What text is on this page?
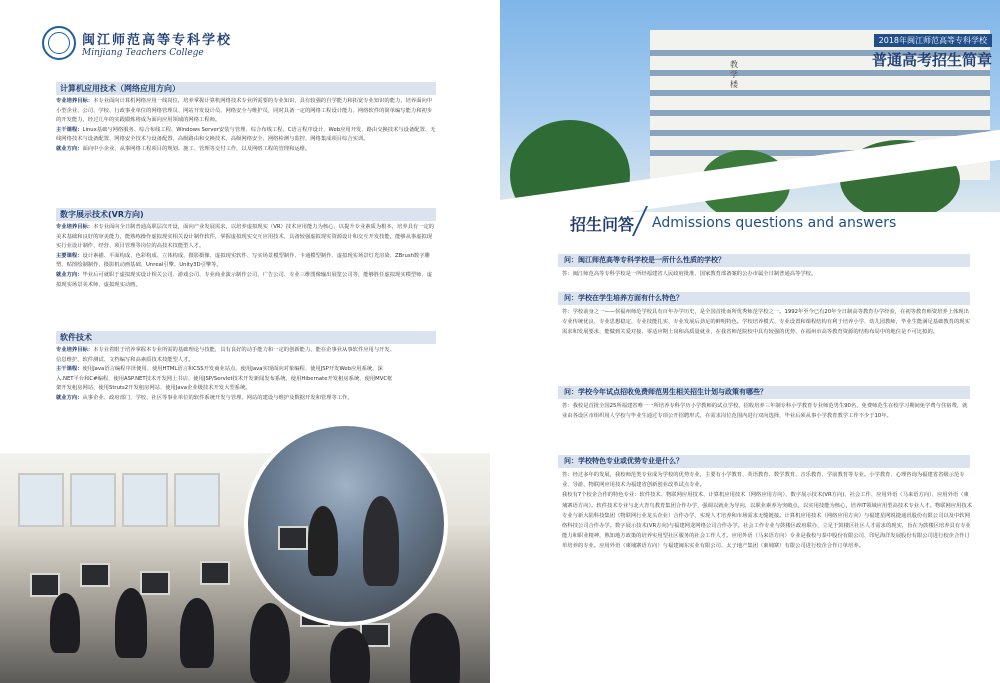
闽江师范高等专科学校
Minjiang Teachers College
计算机应用技术（网络应用方向）

专业培养目标：本专业面向计算机网络应用一线岗位，培养掌握计算机网络技术专业所需要的专业知识，具有较强的自学能力和拓宽专业知识的能力，培养面向中小型企业、公司、学校、行政事业单位的网络管理员、网站开发设计员、网络安全与维护员，同时具备一定的网络工程设计能力、网络软件的简单编写能力和初步的开发能力，经过几年的实践锻炼将成为面向应用领域的网络工程师。

主干课程：Linux基础与网络服务、综合布线工程、Windows Server安装与管理、综合布线工程、C语言程序设计、Web应用开发、路由交换技术与设备配置、无线网络技术与设备配置、网络安全技术与设备配置、高级路由和交换技术、高级网络安全、网络检测与监控、网络集成项目综合实训。

就业方向：面向中小企业，从事网络工程项目的规划、施工、管理等交付工作，以及网络工程的管理和运维。

数字展示技术(VR方向)

专业培养目标：本专业面向全日制普通高职层次开设，面向产业发展需求，以培养虚拟现实（VR）技术应用能力为核心，以提升专业素质为根本，培养具有一定的美术基础和良好的审美能力，能熟练操作虚拟现实相关设计制作软件，掌握虚拟现实交互应用技术，具备较强虚拟现实资源设计和交互开发技能，能够从事虚拟现实行业设计制作、经营、项目管理等岗位的高技术技能型人才。

主要课程：设计素描、平面构成、色彩构成、立体构成、摄影摄像、虚拟现实软件、写实场景模型制作、卡通模型制作、虚拟现实场景灯光渲染、ZBrush数字雕塑、贴图绘制制作、摄影机动画基础、Unreal引擎、Unity3D引擎等。

就业方向：毕业后可就职于虚拟现实设计相关公司、游戏公司、专业商业演示制作公司、广告公司、专业三维图像输出展览公司等，能够胜任虚拟现实模型师、虚拟现实场景美术师、虚拟现实动画。

软件技术

专业培养目标：本专业着眼于培养掌握本专业所需的基础理论与技能，具有良好的动手能力和一定的创新能力，能在企事业从事软件应用与开发、信息维护、软件测试、文档编写和高素质技术技能型人才。

主干课程：使用Java语言编程序泽便用、使用HTML语言和CSS开发商业站点、使用Java实现面向对象编程、使用JSP开发Web应用系统、深入.NET平台和C#编程、使用ASP.NET技术开发网上书店、使用JSP/Servlet技术开发新闻发布系统、使用Hibernate开发租房系统、使用MVC框架开发租房网站、使用Struts2开发租房网站、使用Java企业级技术开发大型系统。

就业方向：从事企业、政府部门、学校、社区等事业单位的软件系统开发与管理、网站的建设与维护及数据开发和管理等工作。

教学楼
2018年闽江师范高等专科学校
普通高考招生简章
招生问答 Admissions questions and answers
问：闽江师范高等专科学校是一所什么性质的学校？

答：闽江师范高等专科学校是一所经福建省人民政府批准、国家教育部备案的公办市属全日制普通高等学校。

问：学校在学生培养方面有什么特色？

答：学校前身之一——侯福州师范学校具有百年办学历史，是全国首批而所优秀师范学校之一。1992年至今已有20年全日制高等教育办学经验，在初等教育师资培养上体现出专业传统优良、专业思想稳定、专业技能扎实、专业发展后劲足的鲜明特色。学校培养模式、专业设置和课程结构有利于培养小学、幼儿园教师，毕业生能满足基础教育的现实需求和发展要求，能做到关爱对接、零适应期上岗和高质量就业，在我省师范院校中具有较强的优势，在福州市高等教育资源的结构布局中的地位是不可比拟的。

问：学校今年试点招收免费师范男生相关招生计划与政策有哪些？

答：我校是首批全国25所福建省唯一一所培养专科学历小学教师的试点学校，招收培养三年制专科小学教育专业师范男生90名，免费师范生在校学习期间免学费与住宿费，就业由各设区市组织用人学校与毕业生通过专项公开招聘形式，在需求岗位范围内进行双向选择，毕业后须从事小学教育教学工作不少于10年。

问：学校特色专业或优势专业是什么？

答：经过多年的发展，我校师范类专业成为学校的优势专业，主要有小学教育、英语教育、数学教育、音乐教育、学前教育等专业。小学教育、心理咨询为福建省省级示范专业、导游、物联网应用技术为福建省创新创业改革试点专业。

我校有7个校企合作的特色专业：软件技术、物联网应用技术、计算机应用技术（网络应用方向）、数字展示技术(VR方向)、社会工作、应用外语（马来语方向）、应用外语（柬埔寨语方向）。软件技术专业与北大青鸟教育集团合作办学，强调以就业为导向，以职业素养为突破点，以实用技能为核心，培养IT领域应用型高技术专业人才。物联网应用技术专业与新大陆科技集团（物联网行业龙头企业）合作办学，实现人才培养和市场需求无缝链接。计算机应用技术（网络应用方向）与福建星网锐捷通讯股份有限公司以及中软网络科技公司合作办学。数字展示技术(VR方向)与福建网龙网络公司合作办学。社会工作专业与鼓楼区政府联办，立足于鼓楼区社区人才需求的现实，旨在为鼓楼区培养具有专业能力和职业精神，熟知地方政策的培养实用型社区服务的社会工作人才。应用外语（马来语方向）专业是我校与泰中股份有限公司、印尼海洋发展股份有限公司进行校企合作订单培养的专业。应用外语（柬埔寨语方向）与福建闽东实业有限公司、太子地产集团（柬埔寨）有限公司进行校企合作订单培养。
